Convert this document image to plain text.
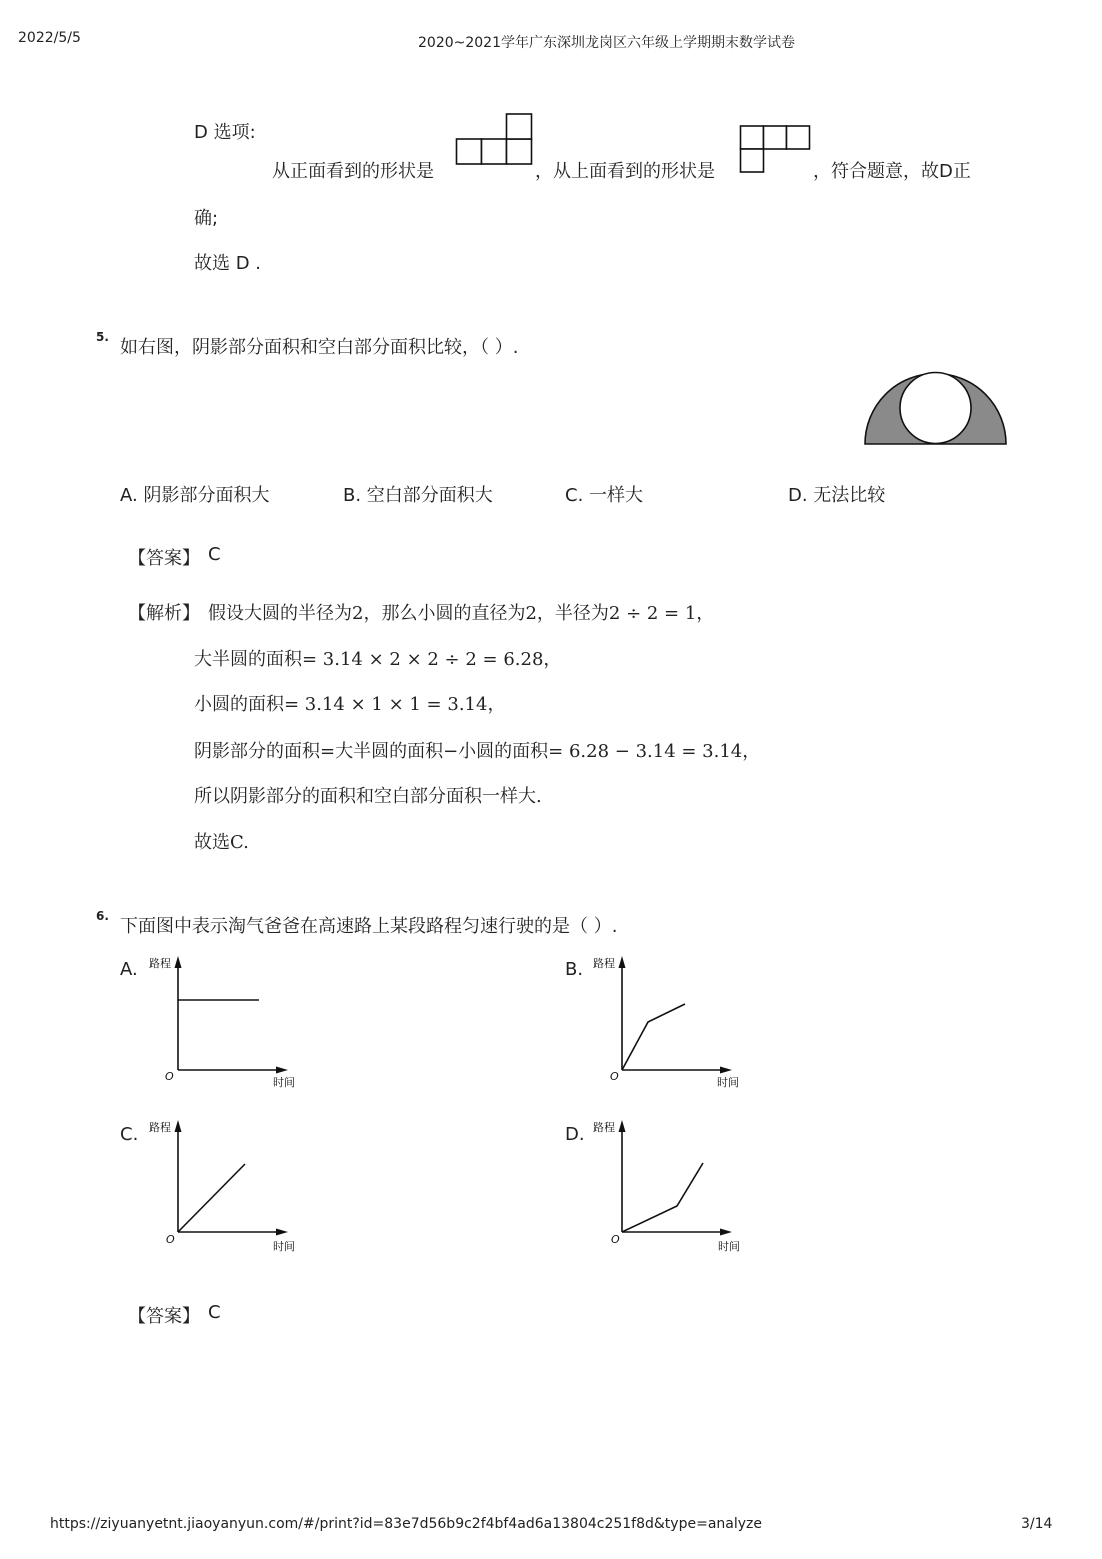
2022/5/5	2020~2021学年广东深圳龙岗区六年级上学期期末数学试卷
D 选项:
从正面看到的形状是	，从上面看到的形状是	，符合题意，故D正
确;
故选 D .
5. 如右图，阴影部分面积和空白部分面积比较，（ ）.
A. 阴影部分面积大	B. 空白部分面积大	C. 一样大	D. 无法比较
【答案】 C
【解析】 假设大圆的半径为2，那么小圆的直径为2，半径为2 ÷ 2 = 1，
大半圆的面积= 3.14 × 2 × 2 ÷ 2 = 6.28，
小圆的面积= 3.14 × 1 × 1 = 3.14，
阴影部分的面积=大半圆的面积−小圆的面积= 6.28 − 3.14 = 3.14，
所以阴影部分的面积和空白部分面积一样大.
故选C.
6. 下面图中表示淘气爸爸在高速路上某段路程匀速行驶的是（ ）.
A. 路程
时间
O
B. 路程
时间
O
C. 路程
时间
O
D. 路程
时间
O
【答案】 C
https://ziyuanyetnt.jiaoyanyun.com/#/print?id=83e7d56b9c2f4bf4ad6a13804c251f8d&type=analyze	3/14
